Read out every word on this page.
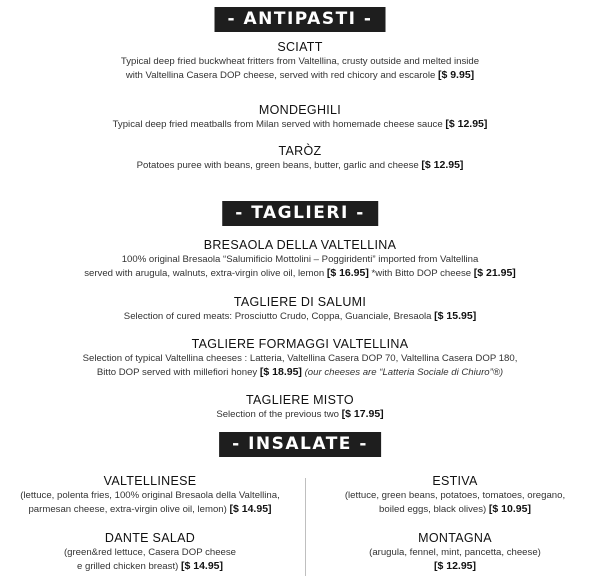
- ANTIPASTI -
SCIATT
Typical deep fried buckwheat fritters from Valtellina, crusty outside and melted inside
with Valtellina Casera DOP cheese, served with red chicory and escarole [$ 9.95]
MONDEGHILI
Typical deep fried meatballs from Milan served with homemade cheese sauce [$ 12.95]
TARÒZ
Potatoes puree with beans, green beans, butter, garlic and cheese [$ 12.95]
- TAGLIERI -
BRESAOLA DELLA VALTELLINA
100% original Bresaola “Salumificio Mottolini – Poggiridenti” imported from Valtellina
served with arugula, walnuts, extra-virgin olive oil, lemon [$ 16.95] *with Bitto DOP cheese [$ 21.95]
TAGLIERE DI SALUMI
Selection of cured meats: Prosciutto Crudo, Coppa, Guanciale, Bresaola [$ 15.95]
TAGLIERE FORMAGGI VALTELLINA
Selection of typical Valtellina cheeses : Latteria, Valtellina Casera DOP 70, Valtellina Casera DOP 180,
Bitto DOP served with millefiori honey [$ 18.95] (our cheeses are “Latteria Sociale di Chiuro”®)
TAGLIERE MISTO
Selection of the previous two [$ 17.95]
- INSALATE -
VALTELLINESE
(lettuce, polenta fries, 100% original Bresaola della Valtellina,
parmesan cheese, extra-virgin olive oil, lemon) [$ 14.95]
DANTE SALAD
(green&red lettuce, Casera DOP cheese
e grilled chicken breast) [$ 14.95]
ESTIVA
(lettuce, green beans, potatoes, tomatoes, oregano,
boiled eggs, black olives) [$ 10.95]
MONTAGNA
(arugula, fennel, mint, pancetta, cheese)
[$ 12.95]
